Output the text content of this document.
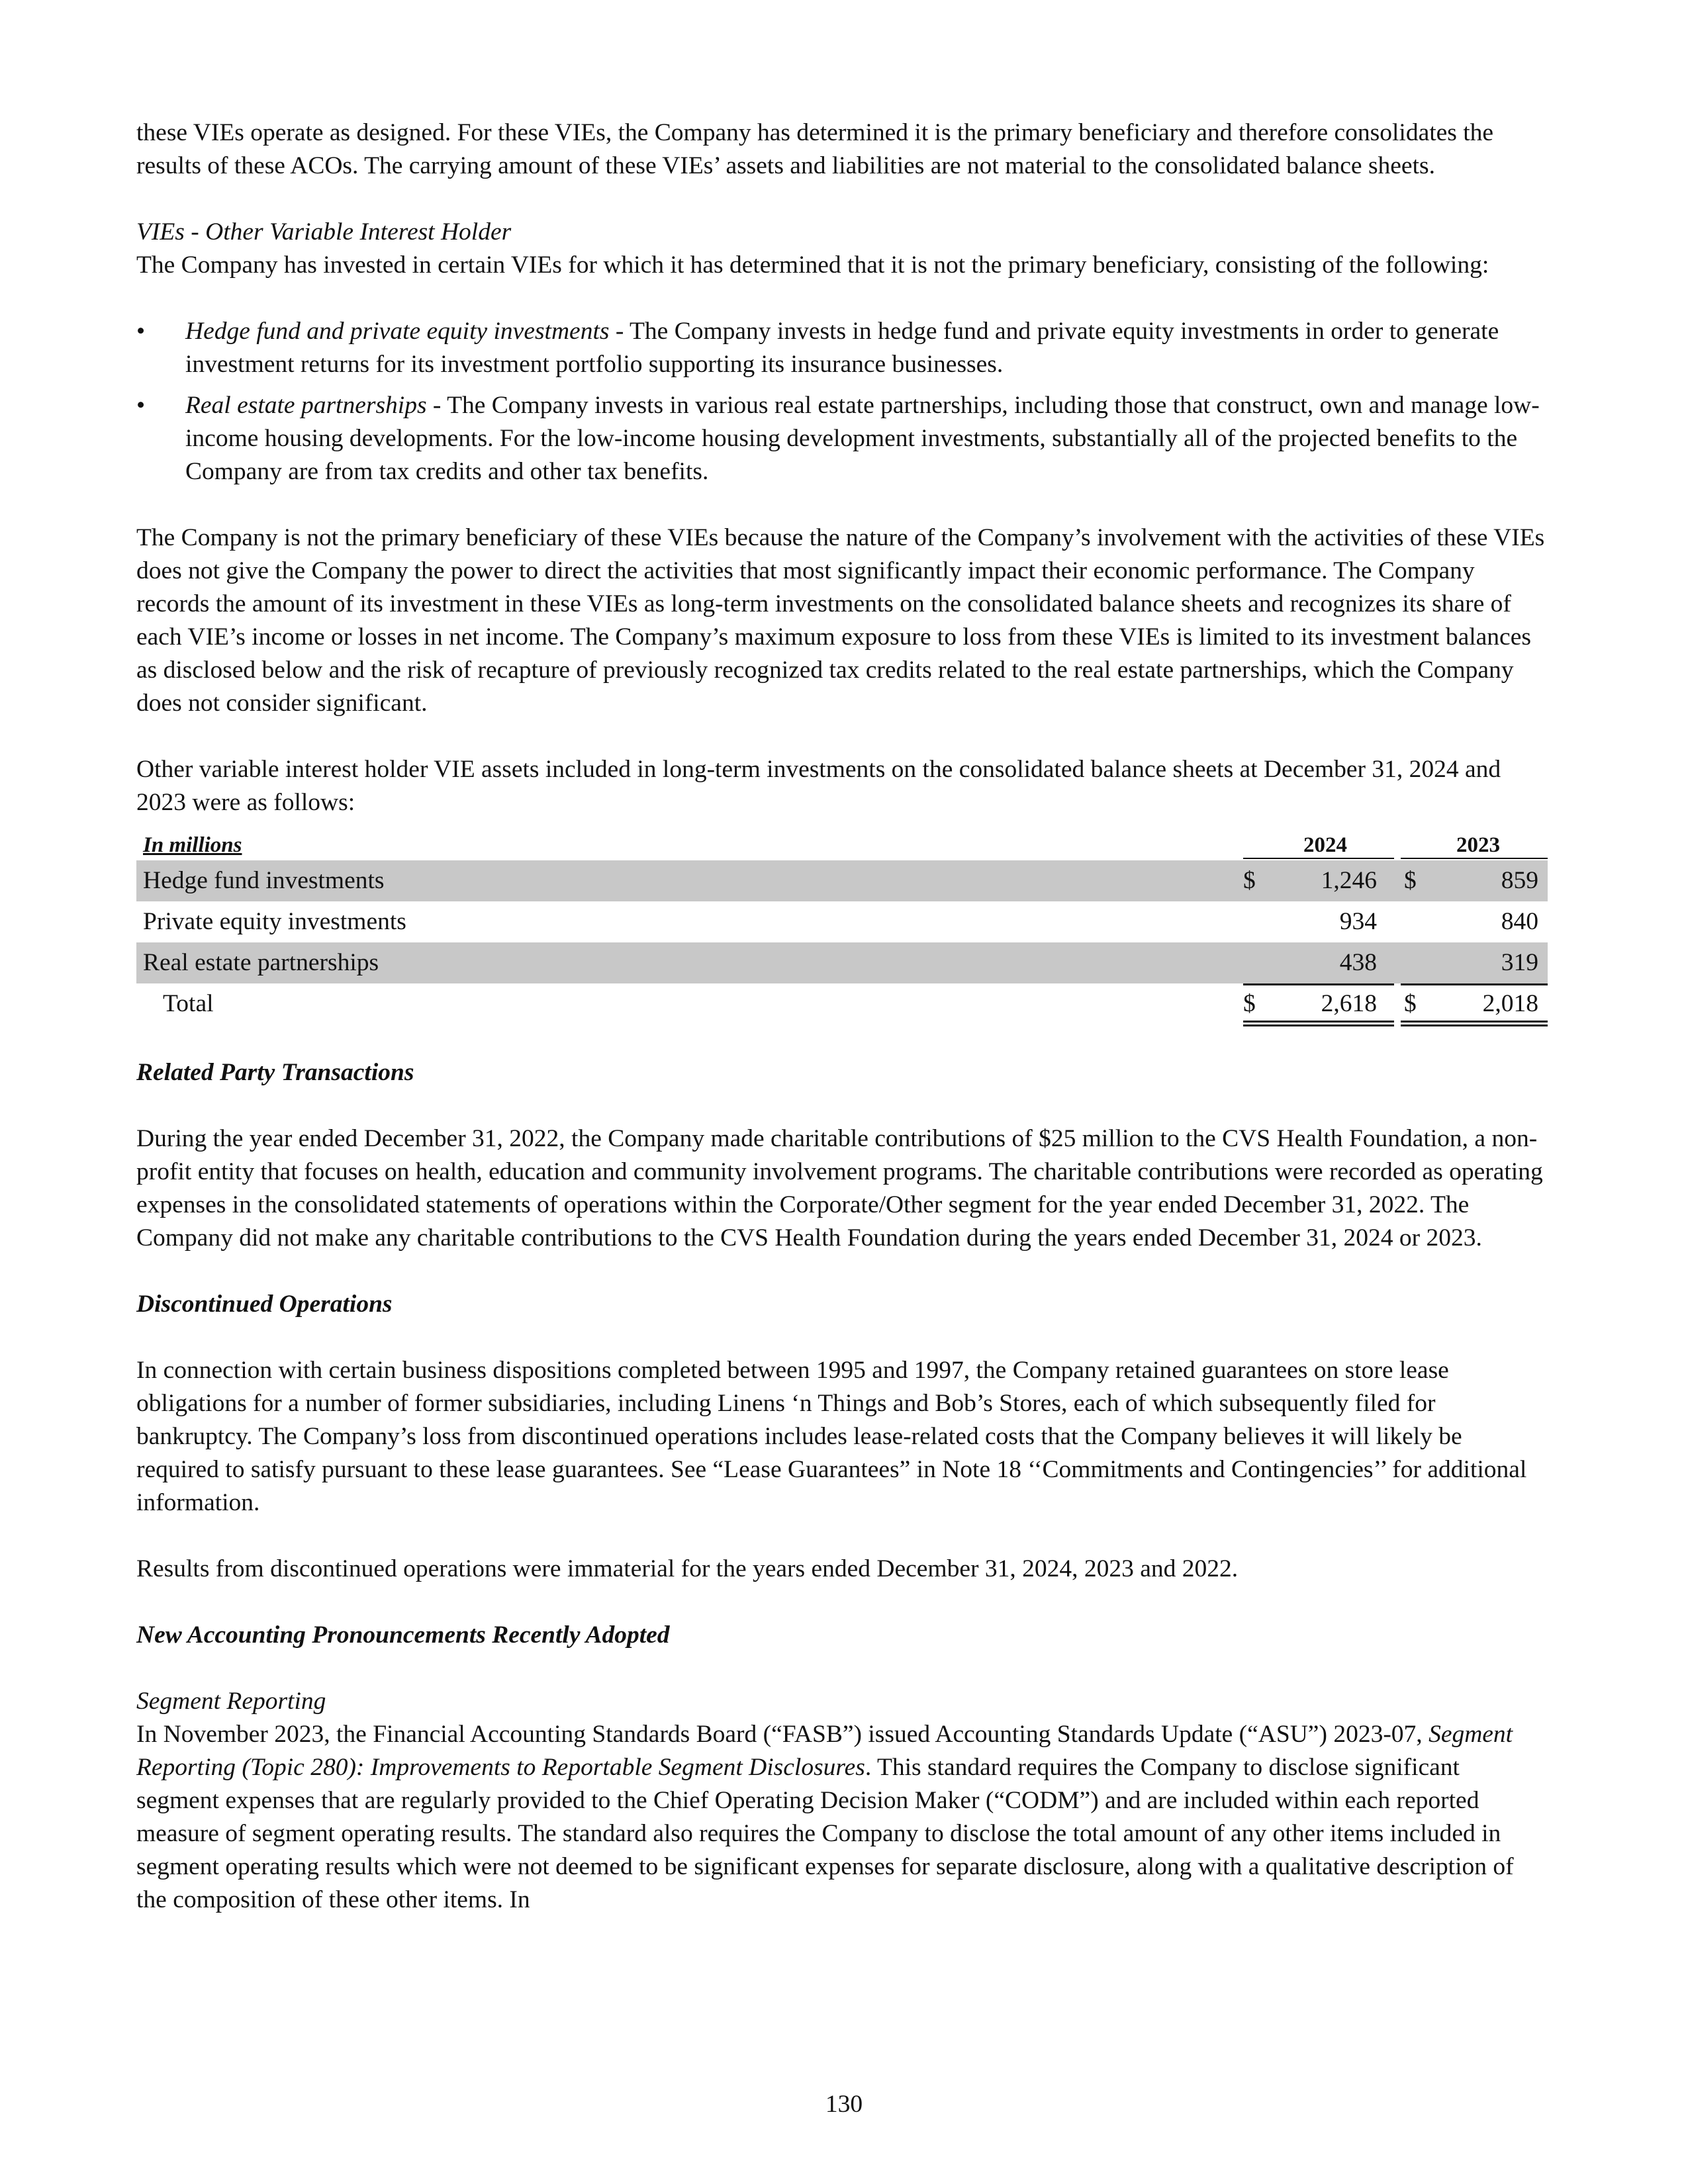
these VIEs operate as designed. For these VIEs, the Company has determined it is the primary beneficiary and therefore consolidates the results of these ACOs. The carrying amount of these VIEs’ assets and liabilities are not material to the consolidated balance sheets.

VIEs - Other Variable Interest Holder

The Company has invested in certain VIEs for which it has determined that it is not the primary beneficiary, consisting of the following:

• Hedge fund and private equity investments - The Company invests in hedge fund and private equity investments in order to generate investment returns for its investment portfolio supporting its insurance businesses.
• Real estate partnerships - The Company invests in various real estate partnerships, including those that construct, own and manage low-income housing developments. For the low-income housing development investments, substantially all of the projected benefits to the Company are from tax credits and other tax benefits.

The Company is not the primary beneficiary of these VIEs because the nature of the Company’s involvement with the activities of these VIEs does not give the Company the power to direct the activities that most significantly impact their economic performance. The Company records the amount of its investment in these VIEs as long-term investments on the consolidated balance sheets and recognizes its share of each VIE’s income or losses in net income. The Company’s maximum exposure to loss from these VIEs is limited to its investment balances as disclosed below and the risk of recapture of previously recognized tax credits related to the real estate partnerships, which the Company does not consider significant.

Other variable interest holder VIE assets included in long-term investments on the consolidated balance sheets at December 31, 2024 and 2023 were as follows:

In millions	2024	2023
Hedge fund investments	$	1,246 $	859
Private equity investments	934	840
Real estate partnerships	438	319
Total	$	2,618 $	2,018

Related Party Transactions

During the year ended December 31, 2022, the Company made charitable contributions of $25 million to the CVS Health Foundation, a non-profit entity that focuses on health, education and community involvement programs. The charitable contributions were recorded as operating expenses in the consolidated statements of operations within the Corporate/Other segment for the year ended December 31, 2022. The Company did not make any charitable contributions to the CVS Health Foundation during the years ended December 31, 2024 or 2023.

Discontinued Operations

In connection with certain business dispositions completed between 1995 and 1997, the Company retained guarantees on store lease obligations for a number of former subsidiaries, including Linens ‘n Things and Bob’s Stores, each of which subsequently filed for bankruptcy. The Company’s loss from discontinued operations includes lease-related costs that the Company believes it will likely be required to satisfy pursuant to these lease guarantees. See “Lease Guarantees” in Note 18 ‘‘Commitments and Contingencies’’ for additional information.

Results from discontinued operations were immaterial for the years ended December 31, 2024, 2023 and 2022.

New Accounting Pronouncements Recently Adopted

Segment Reporting

In November 2023, the Financial Accounting Standards Board (“FASB”) issued Accounting Standards Update (“ASU”) 2023-07, Segment Reporting (Topic 280): Improvements to Reportable Segment Disclosures. This standard requires the Company to disclose significant segment expenses that are regularly provided to the Chief Operating Decision Maker (“CODM”) and are included within each reported measure of segment operating results. The standard also requires the Company to disclose the total amount of any other items included in segment operating results which were not deemed to be significant expenses for separate disclosure, along with a qualitative description of the composition of these other items. In

130
